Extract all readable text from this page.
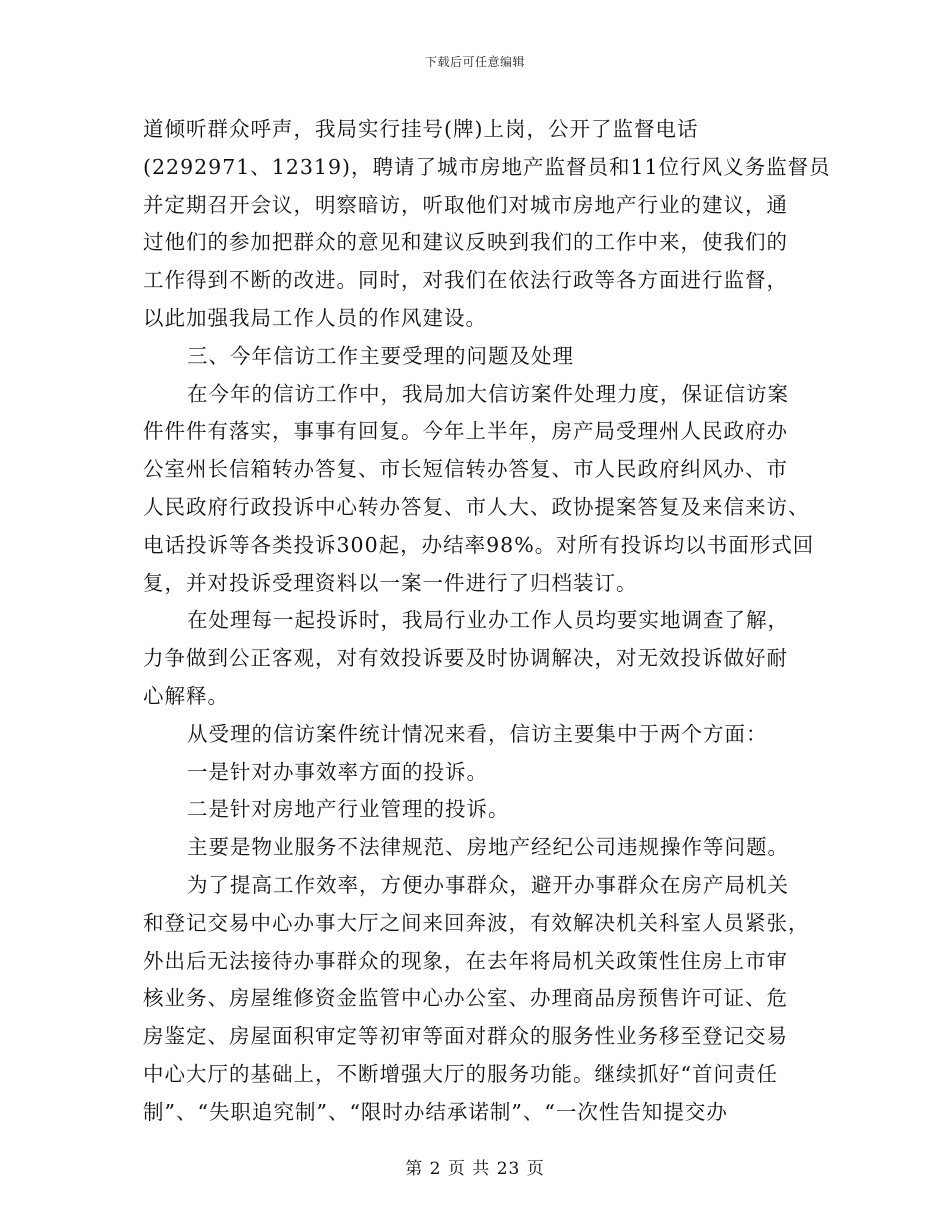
下载后可任意编辑
道倾听群众呼声，我局实行挂号(牌)上岗，公开了监督电话
(2292971、12319)，聘请了城市房地产监督员和11位行风义务监督员
并定期召开会议，明察暗访，听取他们对城市房地产行业的建议，通
过他们的参加把群众的意见和建议反映到我们的工作中来，使我们的
工作得到不断的改进。同时，对我们在依法行政等各方面进行监督，
以此加强我局工作人员的作风建设。
三、今年信访工作主要受理的问题及处理
在今年的信访工作中，我局加大信访案件处理力度，保证信访案
件件件有落实，事事有回复。今年上半年，房产局受理州人民政府办
公室州长信箱转办答复、市长短信转办答复、市人民政府纠风办、市
人民政府行政投诉中心转办答复、市人大、政协提案答复及来信来访、
电话投诉等各类投诉300起，办结率98%。对所有投诉均以书面形式回
复，并对投诉受理资料以一案一件进行了归档装订。
在处理每一起投诉时，我局行业办工作人员均要实地调查了解，
力争做到公正客观，对有效投诉要及时协调解决，对无效投诉做好耐
心解释。
从受理的信访案件统计情况来看，信访主要集中于两个方面：
一是针对办事效率方面的投诉。
二是针对房地产行业管理的投诉。
主要是物业服务不法律规范、房地产经纪公司违规操作等问题。
为了提高工作效率，方便办事群众，避开办事群众在房产局机关
和登记交易中心办事大厅之间来回奔波，有效解决机关科室人员紧张，
外出后无法接待办事群众的现象，在去年将局机关政策性住房上市审
核业务、房屋维修资金监管中心办公室、办理商品房预售许可证、危
房鉴定、房屋面积审定等初审等面对群众的服务性业务移至登记交易
中心大厅的基础上，不断增强大厅的服务功能。继续抓好“首问责任
制”、“失职追究制”、“限时办结承诺制”、“一次性告知提交办
第 2 页 共 23 页
